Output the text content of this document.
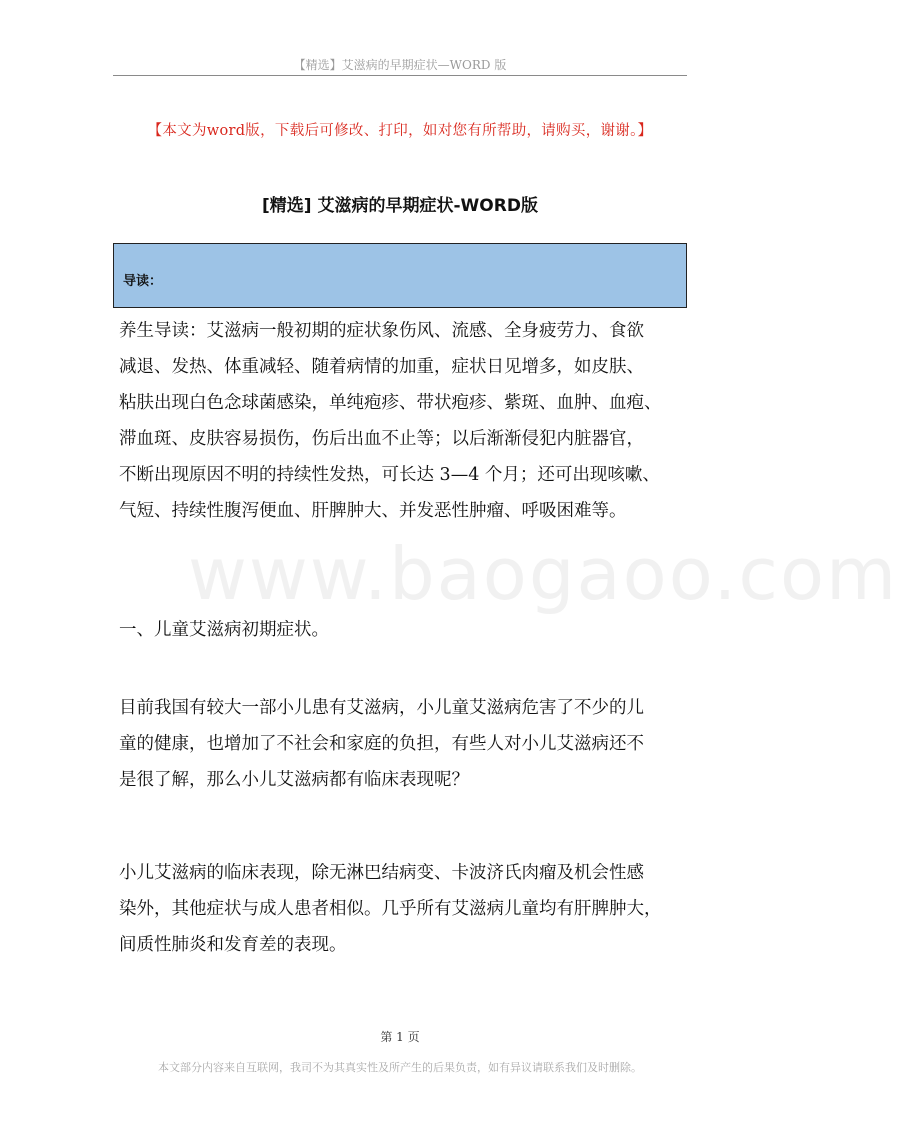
【精选】艾滋病的早期症状—WORD 版
www.baogaoo.com
【本文为word版，下载后可修改、打印，如对您有所帮助，请购买，谢谢。】
[精选] 艾滋病的早期症状-WORD版
导读：
养生导读：艾滋病一般初期的症状象伤风、流感、全身疲劳力、食欲
减退、发热、体重减轻、随着病情的加重，症状日见增多，如皮肤、
粘肤出现白色念球菌感染，单纯疱疹、带状疱疹、紫斑、血肿、血疱、
滞血斑、皮肤容易损伤，伤后出血不止等；以后渐渐侵犯内脏器官，
不断出现原因不明的持续性发热，可长达 3—4 个月；还可出现咳嗽、
气短、持续性腹泻便血、肝脾肿大、并发恶性肿瘤、呼吸困难等。
一、儿童艾滋病初期症状。
目前我国有较大一部小儿患有艾滋病，小儿童艾滋病危害了不少的儿
童的健康，也增加了不社会和家庭的负担，有些人对小儿艾滋病还不
是很了解，那么小儿艾滋病都有临床表现呢？
小儿艾滋病的临床表现，除无淋巴结病变、卡波济氏肉瘤及机会性感
染外，其他症状与成人患者相似。几乎所有艾滋病儿童均有肝脾肿大，
间质性肺炎和发育差的表现。
第 1 页
本文部分内容来自互联网，我司不为其真实性及所产生的后果负责，如有异议请联系我们及时删除。
